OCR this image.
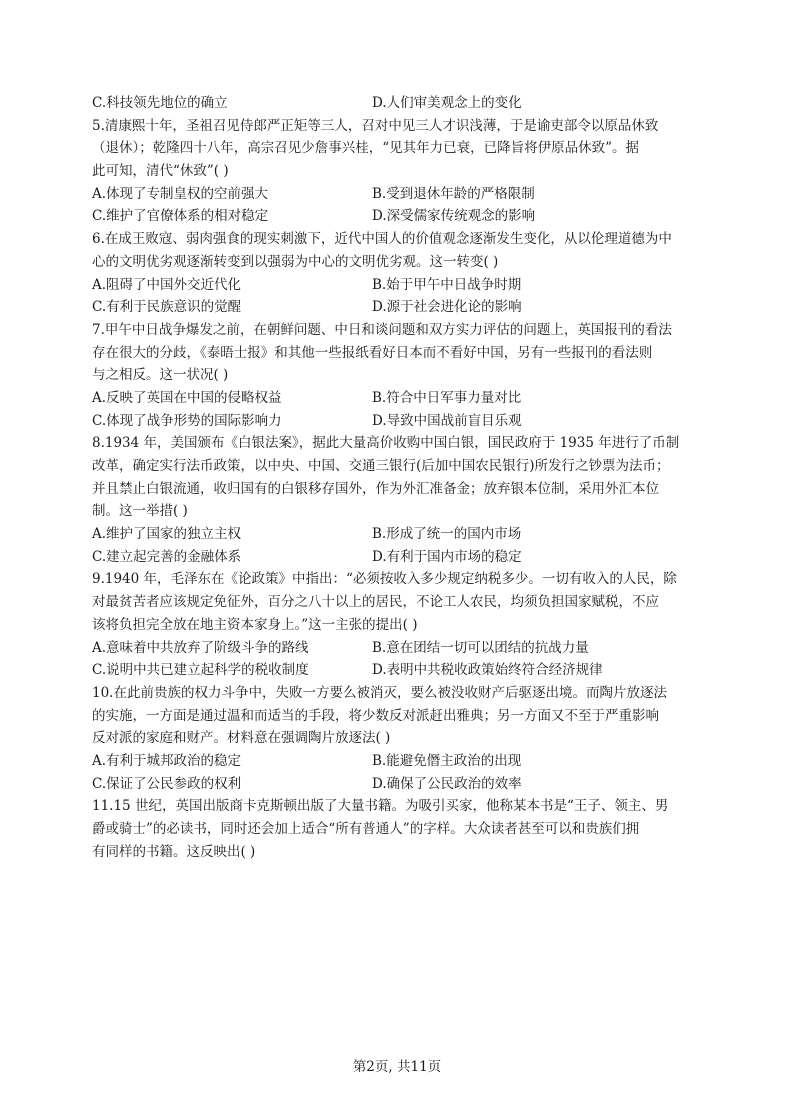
C.科技领先地位的确立	D.人们审美观念上的变化
5.清康熙十年，圣祖召见侍郎严正矩等三人，召对中见三人才识浅薄，于是谕吏部令以原品休致
（退休）；乾隆四十八年，高宗召见少詹事兴桂，“见其年力已衰，已降旨将伊原品休致”。据
此可知，清代“休致”( )
A.体现了专制皇权的空前强大	B.受到退休年龄的严格限制
C.维护了官僚体系的相对稳定	D.深受儒家传统观念的影响
6.在成王败寇、弱肉强食的现实刺激下，近代中国人的价值观念逐渐发生变化，从以伦理道德为中
心的文明优劣观逐渐转变到以强弱为中心的文明优劣观。这一转变( )
A.阻碍了中国外交近代化	B.始于甲午中日战争时期
C.有利于民族意识的觉醒	D.源于社会进化论的影响
7.甲午中日战争爆发之前，在朝鲜问题、中日和谈问题和双方实力评估的问题上，英国报刊的看法
存在很大的分歧，《泰晤士报》和其他一些报纸看好日本而不看好中国，另有一些报刊的看法则
与之相反。这一状况( )
A.反映了英国在中国的侵略权益	B.符合中日军事力量对比
C.体现了战争形势的国际影响力	D.导致中国战前盲目乐观
8.1934 年，美国颁布《白银法案》，据此大量高价收购中国白银，国民政府于 1935 年进行了币制
改革，确定实行法币政策，以中央、中国、交通三银行(后加中国农民银行)所发行之钞票为法币；
并且禁止白银流通，收归国有的白银移存国外，作为外汇准备金；放弃银本位制，采用外汇本位
制。这一举措( )
A.维护了国家的独立主权	B.形成了统一的国内市场
C.建立起完善的金融体系	D.有利于国内市场的稳定
9.1940 年，毛泽东在《论政策》中指出：“必须按收入多少规定纳税多少。一切有收入的人民，除
对最贫苦者应该规定免征外，百分之八十以上的居民，不论工人农民，均须负担国家赋税，不应
该将负担完全放在地主资本家身上。”这一主张的提出( )
A.意味着中共放弃了阶级斗争的路线	B.意在团结一切可以团结的抗战力量
C.说明中共已建立起科学的税收制度	D.表明中共税收政策始终符合经济规律
10.在此前贵族的权力斗争中，失败一方要么被消灭，要么被没收财产后驱逐出境。而陶片放逐法
的实施，一方面是通过温和而适当的手段，将少数反对派赶出雅典；另一方面又不至于严重影响
反对派的家庭和财产。材料意在强调陶片放逐法( )
A.有利于城邦政治的稳定	B.能避免僭主政治的出现
C.保证了公民参政的权利	D.确保了公民政治的效率
11.15 世纪，英国出版商卡克斯顿出版了大量书籍。为吸引买家，他称某本书是“王子、领主、男
爵或骑士”的必读书，同时还会加上适合“所有普通人”的字样。大众读者甚至可以和贵族们拥
有同样的书籍。这反映出( )
第2页, 共11页
